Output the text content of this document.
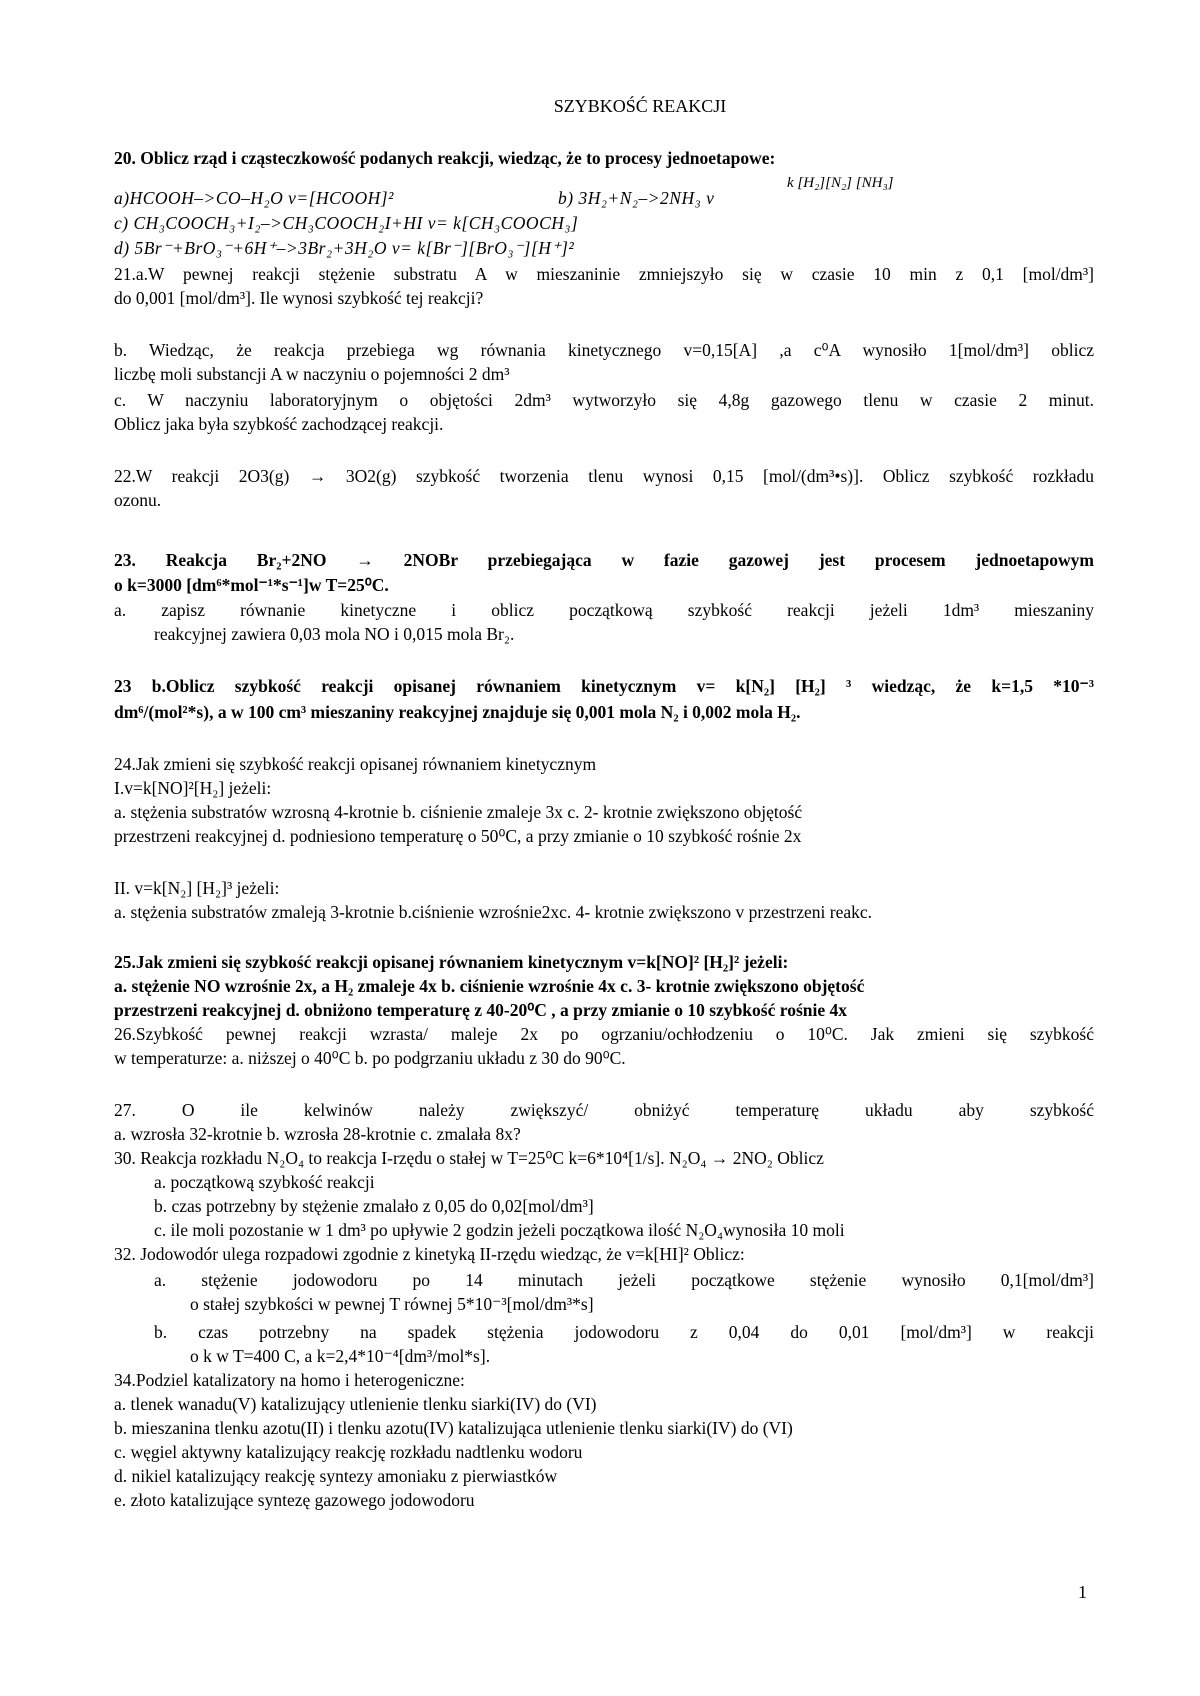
SZYBKOŚĆ REAKCJI

20. Oblicz rząd i cząsteczkowość podanych reakcji, wiedząc, że to procesy jednoetapowe:

a)HCOOH–>CO–H₂O ν=[HCOOH]²	b) 3H₂+N₂–>2NH₃ ν

k [H₂][N₂] [NH₃]

c) CH₃COOCH₃+I₂–>CH₃COOCH₂I+HI ν= k[CH₃COOCH₃]

d) 5Br⁻+BrO₃⁻+6H⁺–>3Br₂+3H₂O ν= k[Br⁻][BrO₃⁻][H⁺]²

21.a.W pewnej reakcji stężenie substratu A w mieszaninie zmniejszyło się w czasie 10 min z 0,1 [mol/dm³]

do 0,001 [mol/dm³]. Ile wynosi szybkość tej reakcji?

b. Wiedząc, że reakcja przebiega wg równania kinetycznego v=0,15[A] ,a c⁰A wynosiło 1[mol/dm³] oblicz

liczbę moli substancji A w naczyniu o pojemności 2 dm³

c. W naczyniu laboratoryjnym o objętości 2dm³ wytworzyło się 4,8g gazowego tlenu w czasie 2 minut.

Oblicz jaka była szybkość zachodzącej reakcji.

22.W reakcji 2O3(g) → 3O2(g) szybkość tworzenia tlenu wynosi 0,15 [mol/(dm³•s)]. Oblicz szybkość rozkładu

ozonu.

23. Reakcja Br₂+2NO → 2NOBr przebiegająca w fazie gazowej jest procesem jednoetapowym

o k=3000 [dm⁶*mol⁻¹*s⁻¹]w T=25⁰C.

a. zapisz równanie kinetyczne i oblicz początkową szybkość reakcji jeżeli 1dm³ mieszaniny

reakcyjnej zawiera 0,03 mola NO i 0,015 mola Br₂.

23 b.Oblicz szybkość reakcji opisanej równaniem kinetycznym v= k[N₂] [H₂] ³ wiedząc, że k=1,5 *10⁻³

dm⁶/(mol²*s), a w 100 cm³ mieszaniny reakcyjnej znajduje się 0,001 mola N₂ i 0,002 mola H₂.

24.Jak zmieni się szybkość reakcji opisanej równaniem kinetycznym

I.v=k[NO]²[H₂] jeżeli:

a. stężenia substratów wzrosną 4-krotnie b. ciśnienie zmaleje 3x c. 2- krotnie zwiększono objętość

przestrzeni reakcyjnej d. podniesiono temperaturę o 50⁰C, a przy zmianie o 10 szybkość rośnie 2x

II. v=k[N₂] [H₂]³ jeżeli:

a. stężenia substratów zmaleją 3-krotnie b.ciśnienie wzrośnie2xc. 4- krotnie zwiększono v przestrzeni reakc.

25.Jak zmieni się szybkość reakcji opisanej równaniem kinetycznym v=k[NO]² [H₂]² jeżeli:

a. stężenie NO wzrośnie 2x, a H₂ zmaleje 4x b. ciśnienie wzrośnie 4x c. 3- krotnie zwiększono objętość

przestrzeni reakcyjnej d. obniżono temperaturę z 40-20⁰C , a przy zmianie o 10 szybkość rośnie 4x

26.Szybkość pewnej reakcji wzrasta/ maleje 2x po ogrzaniu/ochłodzeniu o 10⁰C. Jak zmieni się szybkość

w temperaturze: a. niższej o 40⁰C b. po podgrzaniu układu z 30 do 90⁰C.

27. O ile kelwinów należy zwiększyć/ obniżyć temperaturę układu aby szybkość

a. wzrosła 32-krotnie b. wzrosła 28-krotnie c. zmalała 8x?

30. Reakcja rozkładu N₂O₄ to reakcja I-rzędu o stałej w T=25⁰C k=6*10⁴[1/s]. N₂O₄ → 2NO₂ Oblicz

a. początkową szybkość reakcji

b. czas potrzebny by stężenie zmalało z 0,05 do 0,02[mol/dm³]

c. ile moli pozostanie w 1 dm³ po upływie 2 godzin jeżeli początkowa ilość N₂O₄wynosiła 10 moli

32. Jodowodór ulega rozpadowi zgodnie z kinetyką II-rzędu wiedząc, że v=k[HI]² Oblicz:

a. stężenie jodowodoru po 14 minutach jeżeli początkowe stężenie wynosiło 0,1[mol/dm³]

o stałej szybkości w pewnej T równej 5*10⁻³[mol/dm³*s]

b. czas potrzebny na spadek stężenia jodowodoru z 0,04 do 0,01 [mol/dm³] w reakcji

o k w T=400 C, a k=2,4*10⁻⁴[dm³/mol*s].

34.Podziel katalizatory na homo i heterogeniczne:

a. tlenek wanadu(V) katalizujący utlenienie tlenku siarki(IV) do (VI)

b. mieszanina tlenku azotu(II) i tlenku azotu(IV) katalizująca utlenienie tlenku siarki(IV) do (VI)

c. węgiel aktywny katalizujący reakcję rozkładu nadtlenku wodoru

d. nikiel katalizujący reakcję syntezy amoniaku z pierwiastków

e. złoto katalizujące syntezę gazowego jodowodoru

1
